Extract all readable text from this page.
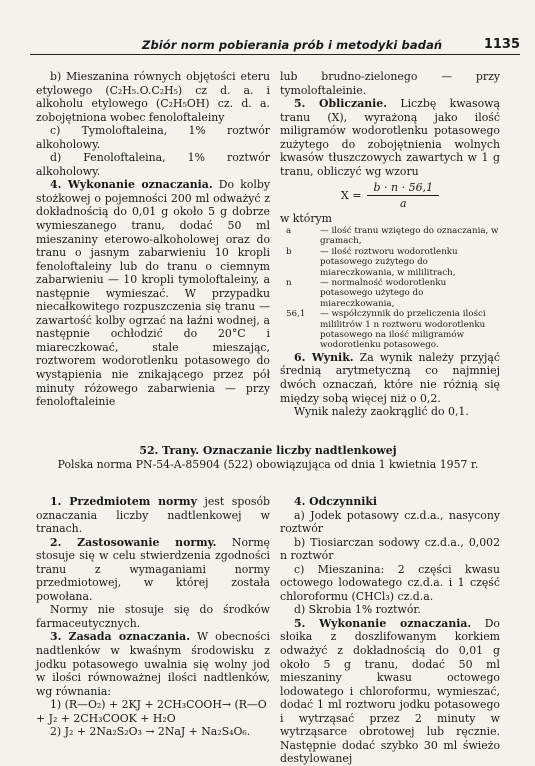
Zbiór norm pobierania prób i metodyki badań	1135

b) Mieszanina równych objętości eteru etylowego (C₂H₅.O.C₂H₅) cz d. a. i alkoholu etylowego (C₂H₅OH) cz. d. a. zobojętniona wobec fenoloftaleiny

c) Tymoloftaleina, 1% roztwór alkoholowy.

d) Fenoloftaleina, 1% roztwór alkoholowy.

4. Wykonanie oznaczania. Do kolby stożkowej o pojemności 200 ml odważyć z dokładnością do 0,01 g około 5 g dobrze wymieszanego tranu, dodać 50 ml mieszaniny eterowo-alkoholowej oraz do tranu o jasnym zabarwieniu 10 kropli fenoloftaleiny lub do tranu o ciemnym zabarwieniu — 10 kropli tymoloftaleiny, a następnie wymieszać. W przypadku niecałkowitego rozpuszczenia się tranu — zawartość kolby ogrzać na łaźni wodnej, a następnie ochłodzić do 20°C i miareczkować, stale mieszając, roztworem wodorotlenku potasowego do wystąpienia nie znikającego przez pół minuty różowego zabarwienia — przy fenoloftaleinie

lub brudno-zielonego — przy tymoloftaleinie.

5. Obliczanie. Liczbę kwasową tranu (X), wyrażoną jako ilość miligramów wodorotlenku potasowego zużytego do zobojętnienia wolnych kwasów tłuszczowych zawartych w 1 g tranu, obliczyć wg wzoru

$X = \frac{b \cdot n \cdot 56,1}{a}$

w którym

a	— ilość tranu wziętego do oznaczania, w gramach,
b	— ilość roztworu wodorotlenku potasowego zużytego do miareczkowania, w mililitrach,
n	— normalność wodorotlenku potasowego użytego do miareczkowania,
56,1	— współczynnik do przeliczenia ilości mililitrów 1 n roztworu wodorotlenku potasowego na ilość miligramów wodorotlenku potasowego.

6. Wynik. Za wynik należy przyjąć średnią arytmetyczną co najmniej dwóch oznaczań, które nie różnią się między sobą więcej niż o 0,2.

Wynik należy zaokrąglić do 0,1.

52. Trany. Oznaczanie liczby nadtlenkowej

Polska norma PN-54-A-85904 (522) obowiązująca od dnia 1 kwietnia 1957 r.

1. Przedmiotem normy jest sposób oznaczania liczby nadtlenkowej w tranach.

2. Zastosowanie normy. Normę stosuje się w celu stwierdzenia zgodności tranu z wymaganiami normy przedmiotowej, w której została powołana.

Normy nie stosuje się do środków farmaceutycznych.

3. Zasada oznaczania. W obecności nadtlenków w kwaśnym środowisku z jodku potasowego uwalnia się wolny jod w ilości równoważnej ilości nadtlenków, wg równania:

1) (R—O₂) + 2KJ + 2CH₃COOH→ (R—O + J₂ + 2CH₃COOK + H₂O

2) J₂ + 2Na₂S₂O₃ → 2NaJ + Na₂S₄O₆.

4. Odczynniki

a) Jodek potasowy cz.d.a., nasycony roztwór

b) Tiosiarczan sodowy cz.d.a., 0,002 n roztwór

c) Mieszanina: 2 części kwasu octowego lodowatego cz.d.a. i 1 część chloroformu (CHCl₃) cz.d.a.

d) Skrobia 1% roztwór.

5. Wykonanie oznaczania. Do słoika z doszlifowanym korkiem odważyć z dokładnością do 0,01 g około 5 g tranu, dodać 50 ml mieszaniny kwasu octowego lodowatego i chloroformu, wymieszać, dodać 1 ml roztworu jodku potasowego i wytrząsać przez 2 minuty w wytrząsarce obrotowej lub ręcznie. Następnie dodać szybko 30 ml świeżo destylowanej
